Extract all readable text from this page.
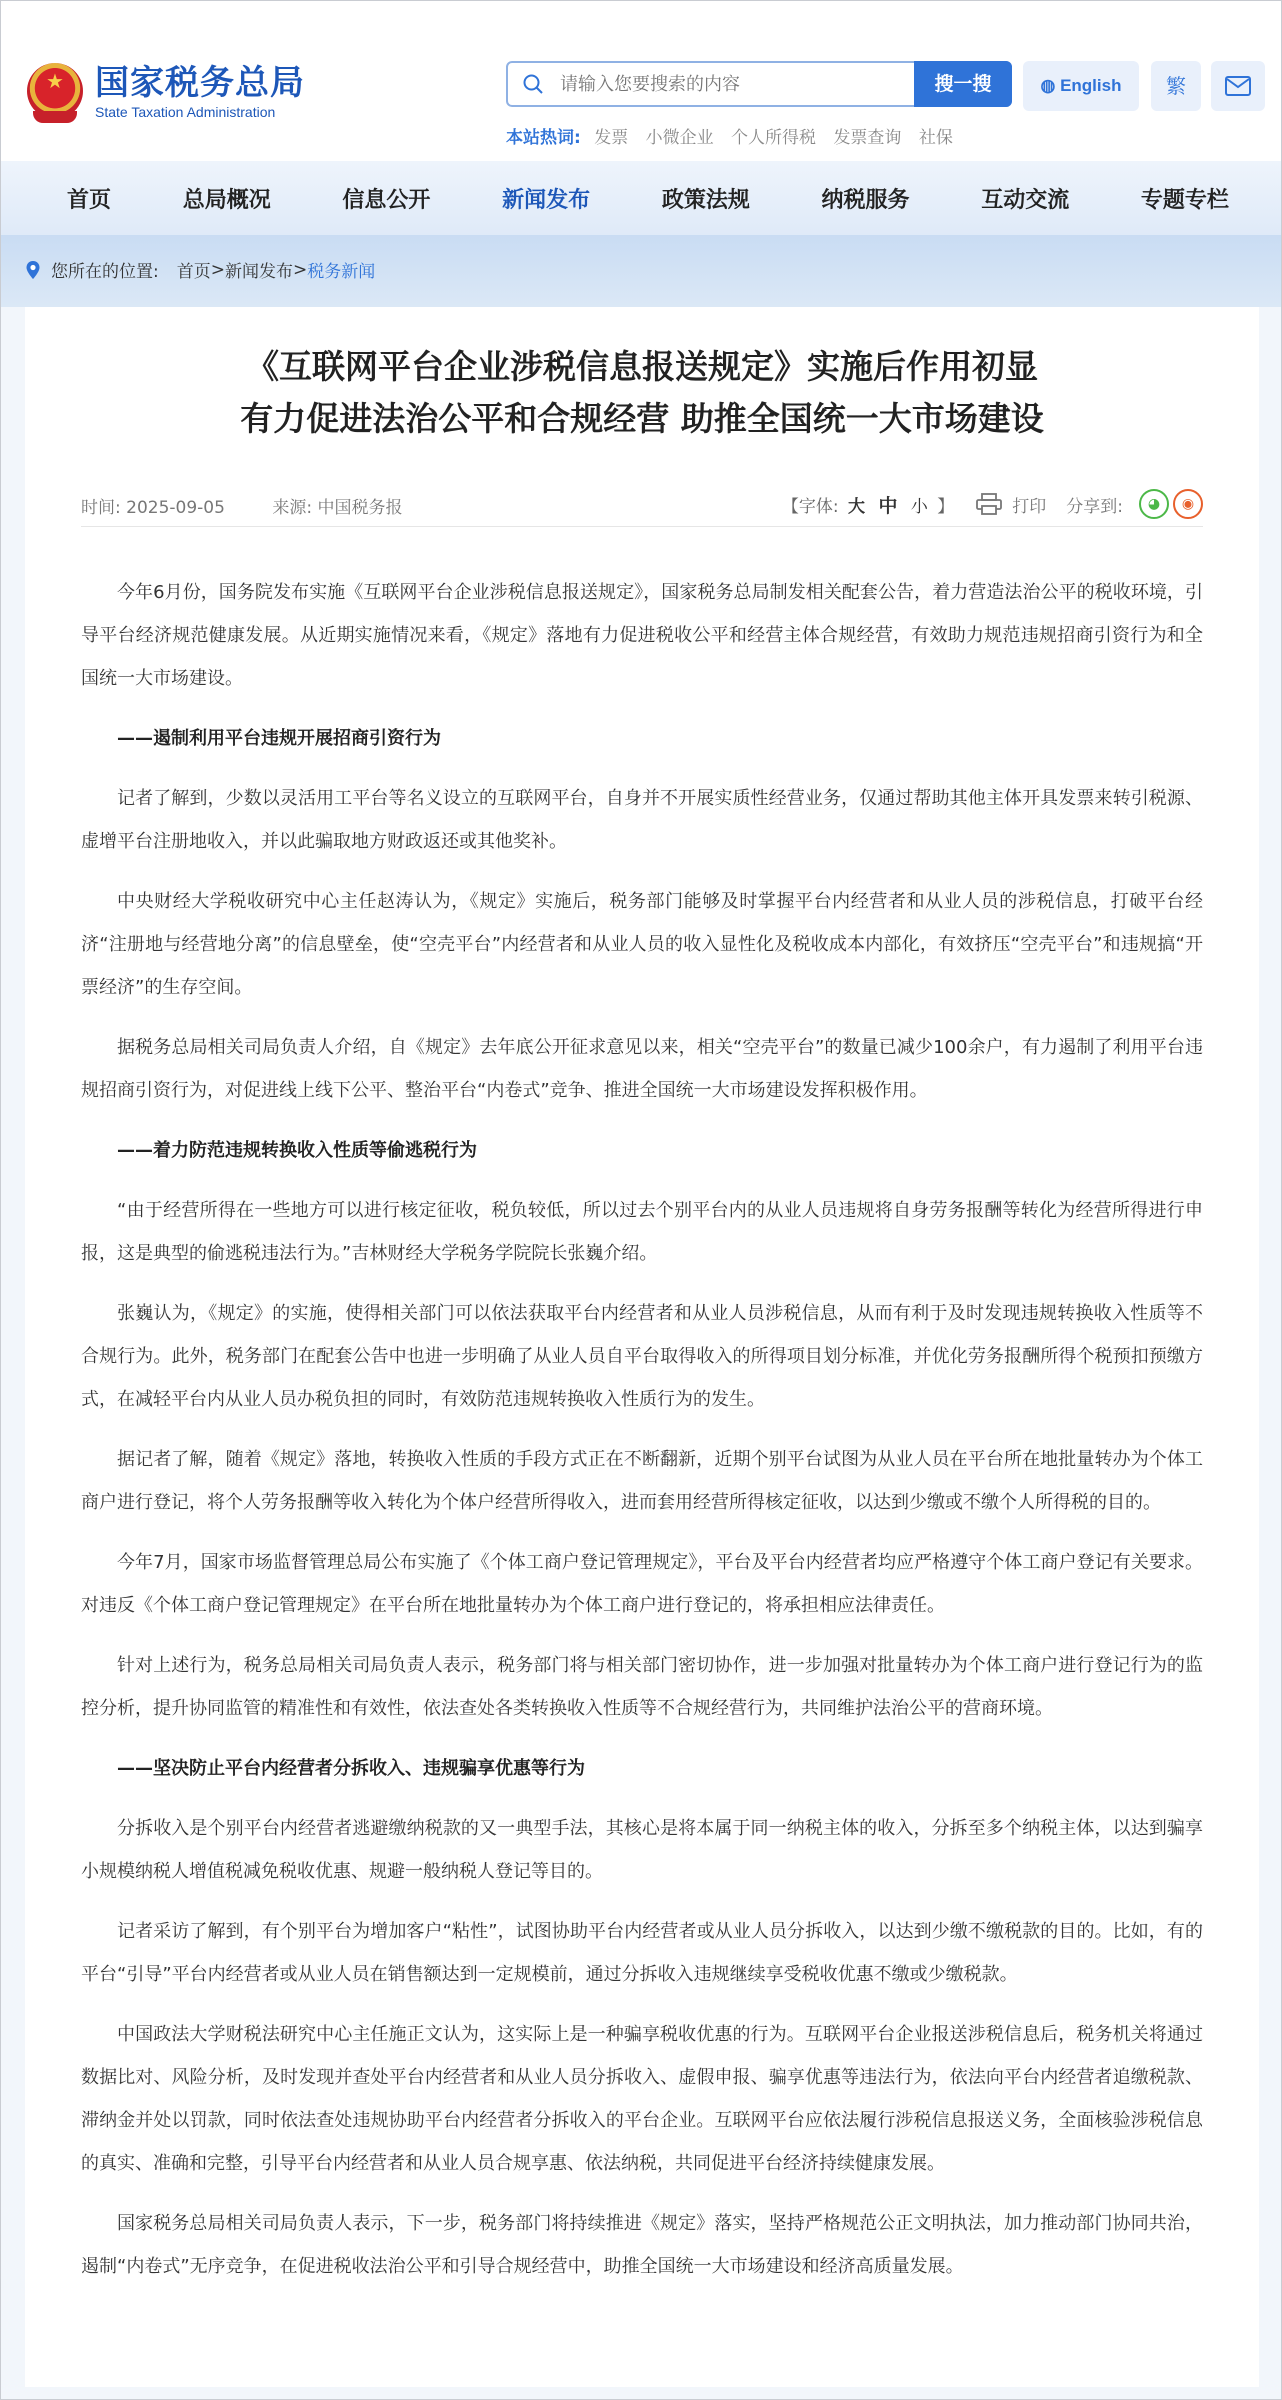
★ 国家税务总局
State Taxation Administration
请输入您要搜索的内容
搜一搜
本站热词: 发票 小微企业 个人所得税 发票查询 社保
◍ English	繁
首页	总局概况	信息公开	新闻发布	政策法规	纳税服务	互动交流	专题专栏
您所在的位置: 首页 > 新闻发布 > 税务新闻
《互联网平台企业涉税信息报送规定》实施后作用初显
有力促进法治公平和合规经营 助推全国统一大市场建设
时间: 2025-09-05	来源: 中国税务报	【字体: 大 中 小 】	打印 分享到:	◕	◉

今年6月份，国务院发布实施《互联网平台企业涉税信息报送规定》，国家税务总局制发相关配套公告，着力营造法治公平的税收环境，引导平台经济规范健康发展。从近期实施情况来看，《规定》落地有力促进税收公平和经营主体合规经营，有效助力规范违规招商引资行为和全国统一大市场建设。

——遏制利用平台违规开展招商引资行为

记者了解到，少数以灵活用工平台等名义设立的互联网平台，自身并不开展实质性经营业务，仅通过帮助其他主体开具发票来转引税源、虚增平台注册地收入，并以此骗取地方财政返还或其他奖补。

中央财经大学税收研究中心主任赵涛认为，《规定》实施后，税务部门能够及时掌握平台内经营者和从业人员的涉税信息，打破平台经济“注册地与经营地分离”的信息壁垒，使“空壳平台”内经营者和从业人员的收入显性化及税收成本内部化，有效挤压“空壳平台”和违规搞“开票经济”的生存空间。

据税务总局相关司局负责人介绍，自《规定》去年底公开征求意见以来，相关“空壳平台”的数量已减少100余户，有力遏制了利用平台违规招商引资行为，对促进线上线下公平、整治平台“内卷式”竞争、推进全国统一大市场建设发挥积极作用。

——着力防范违规转换收入性质等偷逃税行为

“由于经营所得在一些地方可以进行核定征收，税负较低，所以过去个别平台内的从业人员违规将自身劳务报酬等转化为经营所得进行申报，这是典型的偷逃税违法行为。”吉林财经大学税务学院院长张巍介绍。

张巍认为，《规定》的实施，使得相关部门可以依法获取平台内经营者和从业人员涉税信息，从而有利于及时发现违规转换收入性质等不合规行为。此外，税务部门在配套公告中也进一步明确了从业人员自平台取得收入的所得项目划分标准，并优化劳务报酬所得个税预扣预缴方式，在减轻平台内从业人员办税负担的同时，有效防范违规转换收入性质行为的发生。

据记者了解，随着《规定》落地，转换收入性质的手段方式正在不断翻新，近期个别平台试图为从业人员在平台所在地批量转办为个体工商户进行登记，将个人劳务报酬等收入转化为个体户经营所得收入，进而套用经营所得核定征收，以达到少缴或不缴个人所得税的目的。

今年7月，国家市场监督管理总局公布实施了《个体工商户登记管理规定》，平台及平台内经营者均应严格遵守个体工商户登记有关要求。对违反《个体工商户登记管理规定》在平台所在地批量转办为个体工商户进行登记的，将承担相应法律责任。

针对上述行为，税务总局相关司局负责人表示，税务部门将与相关部门密切协作，进一步加强对批量转办为个体工商户进行登记行为的监控分析，提升协同监管的精准性和有效性，依法查处各类转换收入性质等不合规经营行为，共同维护法治公平的营商环境。

——坚决防止平台内经营者分拆收入、违规骗享优惠等行为

分拆收入是个别平台内经营者逃避缴纳税款的又一典型手法，其核心是将本属于同一纳税主体的收入，分拆至多个纳税主体，以达到骗享小规模纳税人增值税减免税收优惠、规避一般纳税人登记等目的。

记者采访了解到，有个别平台为增加客户“粘性”，试图协助平台内经营者或从业人员分拆收入，以达到少缴不缴税款的目的。比如，有的平台“引导”平台内经营者或从业人员在销售额达到一定规模前，通过分拆收入违规继续享受税收优惠不缴或少缴税款。

中国政法大学财税法研究中心主任施正文认为，这实际上是一种骗享税收优惠的行为。互联网平台企业报送涉税信息后，税务机关将通过数据比对、风险分析，及时发现并查处平台内经营者和从业人员分拆收入、虚假申报、骗享优惠等违法行为，依法向平台内经营者追缴税款、滞纳金并处以罚款，同时依法查处违规协助平台内经营者分拆收入的平台企业。互联网平台应依法履行涉税信息报送义务，全面核验涉税信息的真实、准确和完整，引导平台内经营者和从业人员合规享惠、依法纳税，共同促进平台经济持续健康发展。

国家税务总局相关司局负责人表示，下一步，税务部门将持续推进《规定》落实，坚持严格规范公正文明执法，加力推动部门协同共治，遏制“内卷式”无序竞争，在促进税收法治公平和引导合规经营中，助推全国统一大市场建设和经济高质量发展。
